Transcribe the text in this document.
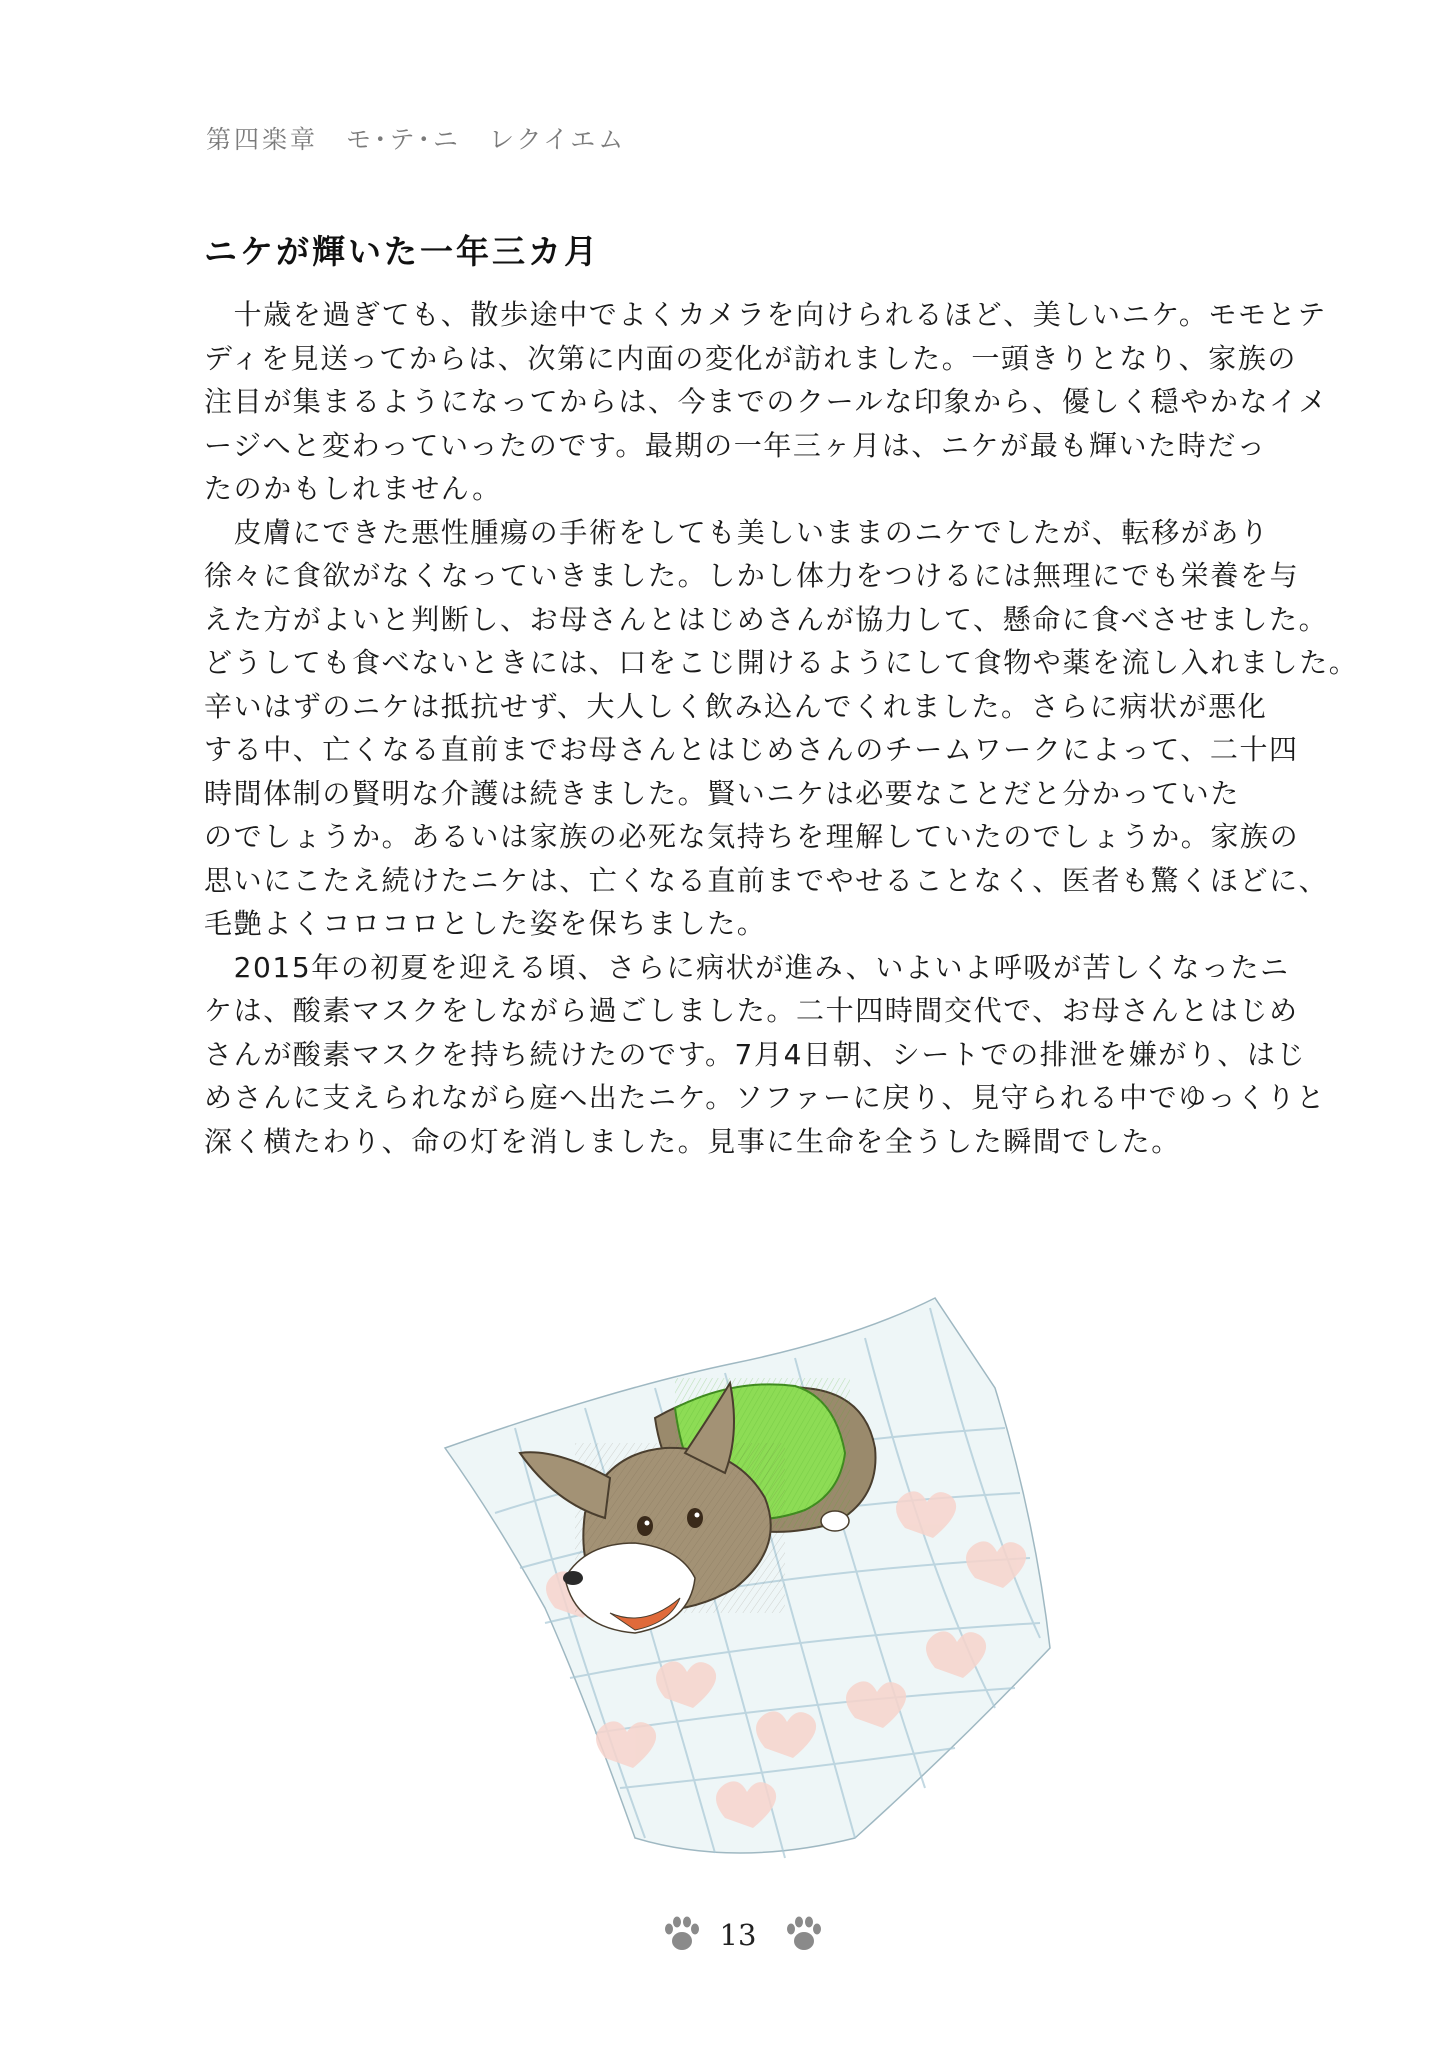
第四楽章　モ･テ･ニ　レクイエム
ニケが輝いた一年三カ月
　十歳を過ぎても、散歩途中でよくカメラを向けられるほど、美しいニケ。モモとテ
ディを見送ってからは、次第に内面の変化が訪れました。一頭きりとなり、家族の
注目が集まるようになってからは、今までのクールな印象から、優しく穏やかなイメ
ージへと変わっていったのです。最期の一年三ヶ月は、ニケが最も輝いた時だっ
たのかもしれません。
　皮膚にできた悪性腫瘍の手術をしても美しいままのニケでしたが、転移があり
徐々に食欲がなくなっていきました。しかし体力をつけるには無理にでも栄養を与
えた方がよいと判断し、お母さんとはじめさんが協力して、懸命に食べさせました。
どうしても食べないときには、口をこじ開けるようにして食物や薬を流し入れました。
辛いはずのニケは抵抗せず、大人しく飲み込んでくれました。さらに病状が悪化
する中、亡くなる直前までお母さんとはじめさんのチームワークによって、二十四
時間体制の賢明な介護は続きました。賢いニケは必要なことだと分かっていた
のでしょうか。あるいは家族の必死な気持ちを理解していたのでしょうか。家族の
思いにこたえ続けたニケは、亡くなる直前までやせることなく、医者も驚くほどに、
毛艶よくコロコロとした姿を保ちました。
　2015年の初夏を迎える頃、さらに病状が進み、いよいよ呼吸が苦しくなったニ
ケは、酸素マスクをしながら過ごしました。二十四時間交代で、お母さんとはじめ
さんが酸素マスクを持ち続けたのです。7月4日朝、シートでの排泄を嫌がり、はじ
めさんに支えられながら庭へ出たニケ。ソファーに戻り、見守られる中でゆっくりと
深く横たわり、命の灯を消しました。見事に生命を全うした瞬間でした。
13
